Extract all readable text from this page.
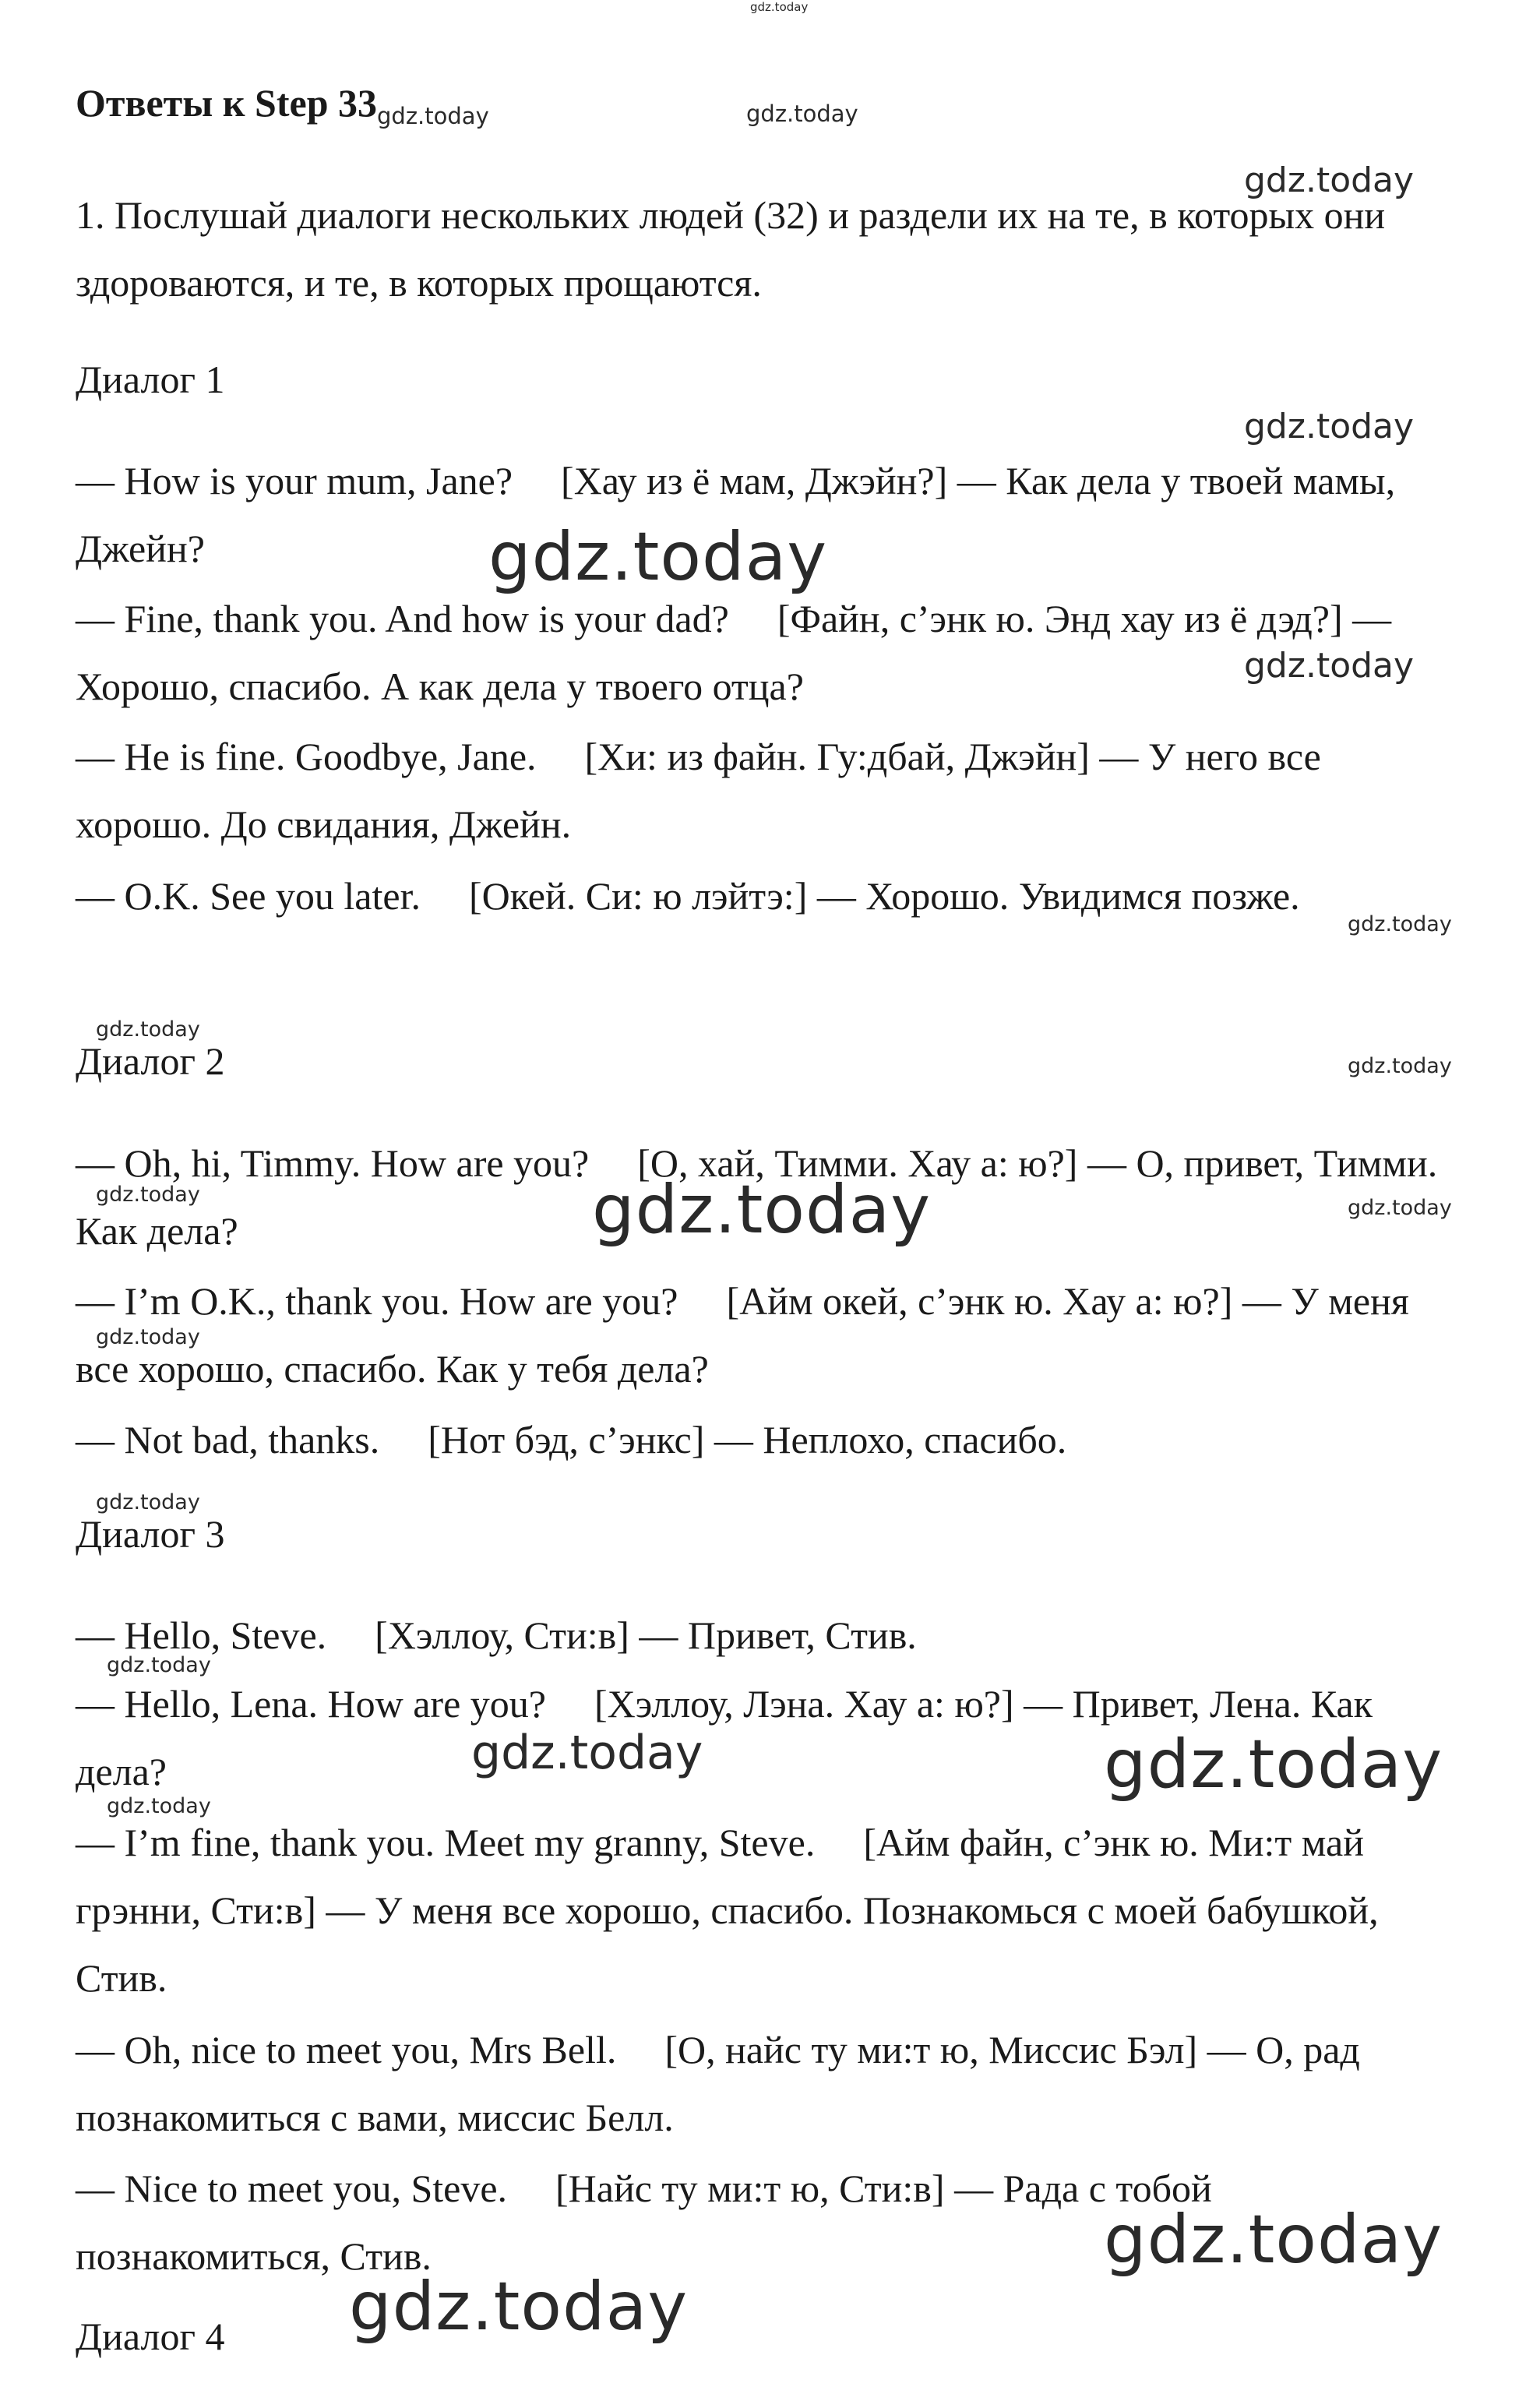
gdz.today
Ответы к Step $33_{gdz.today}$	gdz.today
gdz.today

1. Послушай диалоги нескольких людей (32) и раздели их на те, в которых они здороваются, и те, в которых прощаются.

Диалог 1
gdz.today

— How is your mum, Jane? [Хау из ё мам, Джэйн?] — Как дела у твоей мамы, Джейн?	gdz.today

— Fine, thank you. And how is your dad? [Файн, с’энк ю. Энд хау из ё дэд?] — Хорошо, спасибо. А как дела у твоего отца?	gdz.today

— He is fine. Goodbye, Jane. [Хи: из файн. Гу:дбай, Джэйн] — У него все хорошо. До свидания, Джейн.

— O.K. See you later. [Окей. Си: ю лэйтэ:] — Хорошо. Увидимся позже.

gdz.today
gdz.today
Диалог 2	gdz.today

— Oh, hi, Timmy. How are you? [О, хай, Тимми. Хау а: ю?] — О, привет, Тимми. Как дела?

gdz.today
gdz.today
gdz.today

— I’m O.K., thank you. How are you? [Айм окей, с’энк ю. Хау а: ю?] — У меня все хорошо, спасибо. Как у тебя дела?

gdz.today

— Not bad, thanks. [Нот бэд, с’энкс] — Неплохо, спасибо.

gdz.today
Диалог 3

— Hello, Steve. [Хэллоу, Сти:в] — Привет, Стив.

gdz.today

— Hello, Lena. How are you? [Хэллоу, Лэна. Хау а: ю?] — Привет, Лена. Как дела?	gdz.today	gdz.today
gdz.today

— I’m fine, thank you. Meet my granny, Steve. [Айм файн, с’энк ю. Ми:т май грэнни, Сти:в] — У меня все хорошо, спасибо. Познакомься с моей бабушкой, Стив.

— Oh, nice to meet you, Mrs Bell. [О, найс ту ми:т ю, Миссис Бэл] — О, рад познакомиться с вами, миссис Белл.

— Nice to meet you, Steve. [Найс ту ми:т ю, Сти:в] — Рада с тобой познакомиться, Стив.	gdz.today
gdz.today
Диалог 4
